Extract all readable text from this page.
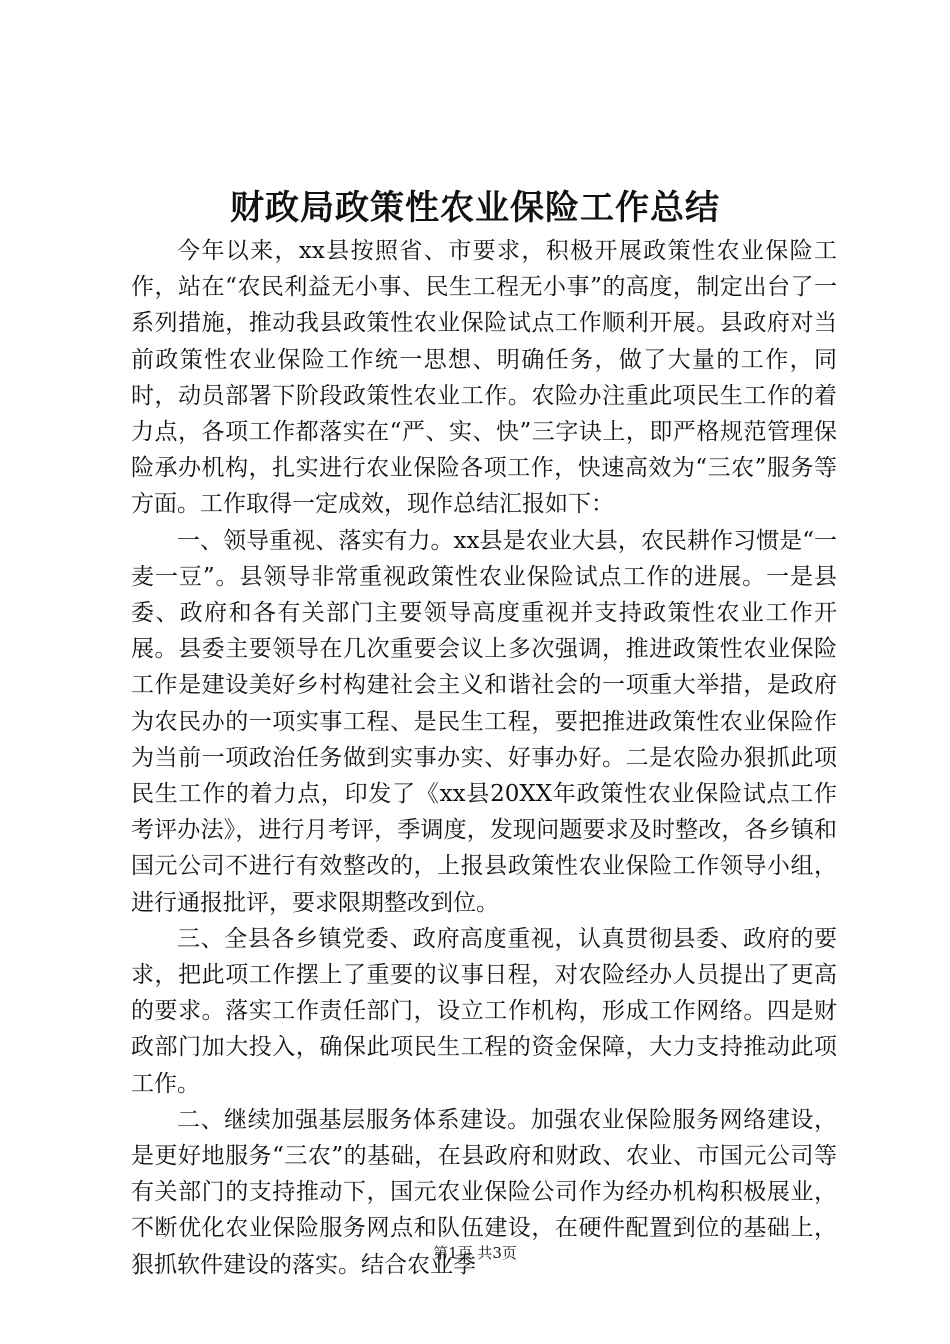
财政局政策性农业保险工作总结

今年以来，xx县按照省、市要求，积极开展政策性农业保险工作，站在“农民利益无小事、民生工程无小事”的高度，制定出台了一系列措施，推动我县政策性农业保险试点工作顺利开展。县政府对当前政策性农业保险工作统一思想、明确任务，做了大量的工作，同时，动员部署下阶段政策性农业工作。农险办注重此项民生工作的着力点，各项工作都落实在“严、实、快”三字诀上，即严格规范管理保险承办机构，扎实进行农业保险各项工作，快速高效为“三农”服务等方面。工作取得一定成效，现作总结汇报如下：

一、领导重视、落实有力。xx县是农业大县，农民耕作习惯是“一麦一豆”。县领导非常重视政策性农业保险试点工作的进展。一是县委、政府和各有关部门主要领导高度重视并支持政策性农业工作开展。县委主要领导在几次重要会议上多次强调，推进政策性农业保险工作是建设美好乡村构建社会主义和谐社会的一项重大举措，是政府为农民办的一项实事工程、是民生工程，要把推进政策性农业保险作为当前一项政治任务做到实事办实、好事办好。二是农险办狠抓此项民生工作的着力点，印发了《xx县20XX年政策性农业保险试点工作考评办法》，进行月考评，季调度，发现问题要求及时整改，各乡镇和国元公司不进行有效整改的，上报县政策性农业保险工作领导小组，进行通报批评，要求限期整改到位。

三、全县各乡镇党委、政府高度重视，认真贯彻县委、政府的要求，把此项工作摆上了重要的议事日程，对农险经办人员提出了更高的要求。落实工作责任部门，设立工作机构，形成工作网络。四是财政部门加大投入，确保此项民生工程的资金保障，大力支持推动此项工作。

二、继续加强基层服务体系建设。加强农业保险服务网络建设，是更好地服务“三农”的基础，在县政府和财政、农业、市国元公司等有关部门的支持推动下，国元农业保险公司作为经办机构积极展业，不断优化农业保险服务网点和队伍建设，在硬件配置到位的基础上，狠抓软件建设的落实。结合农业季

第1页 共3页
